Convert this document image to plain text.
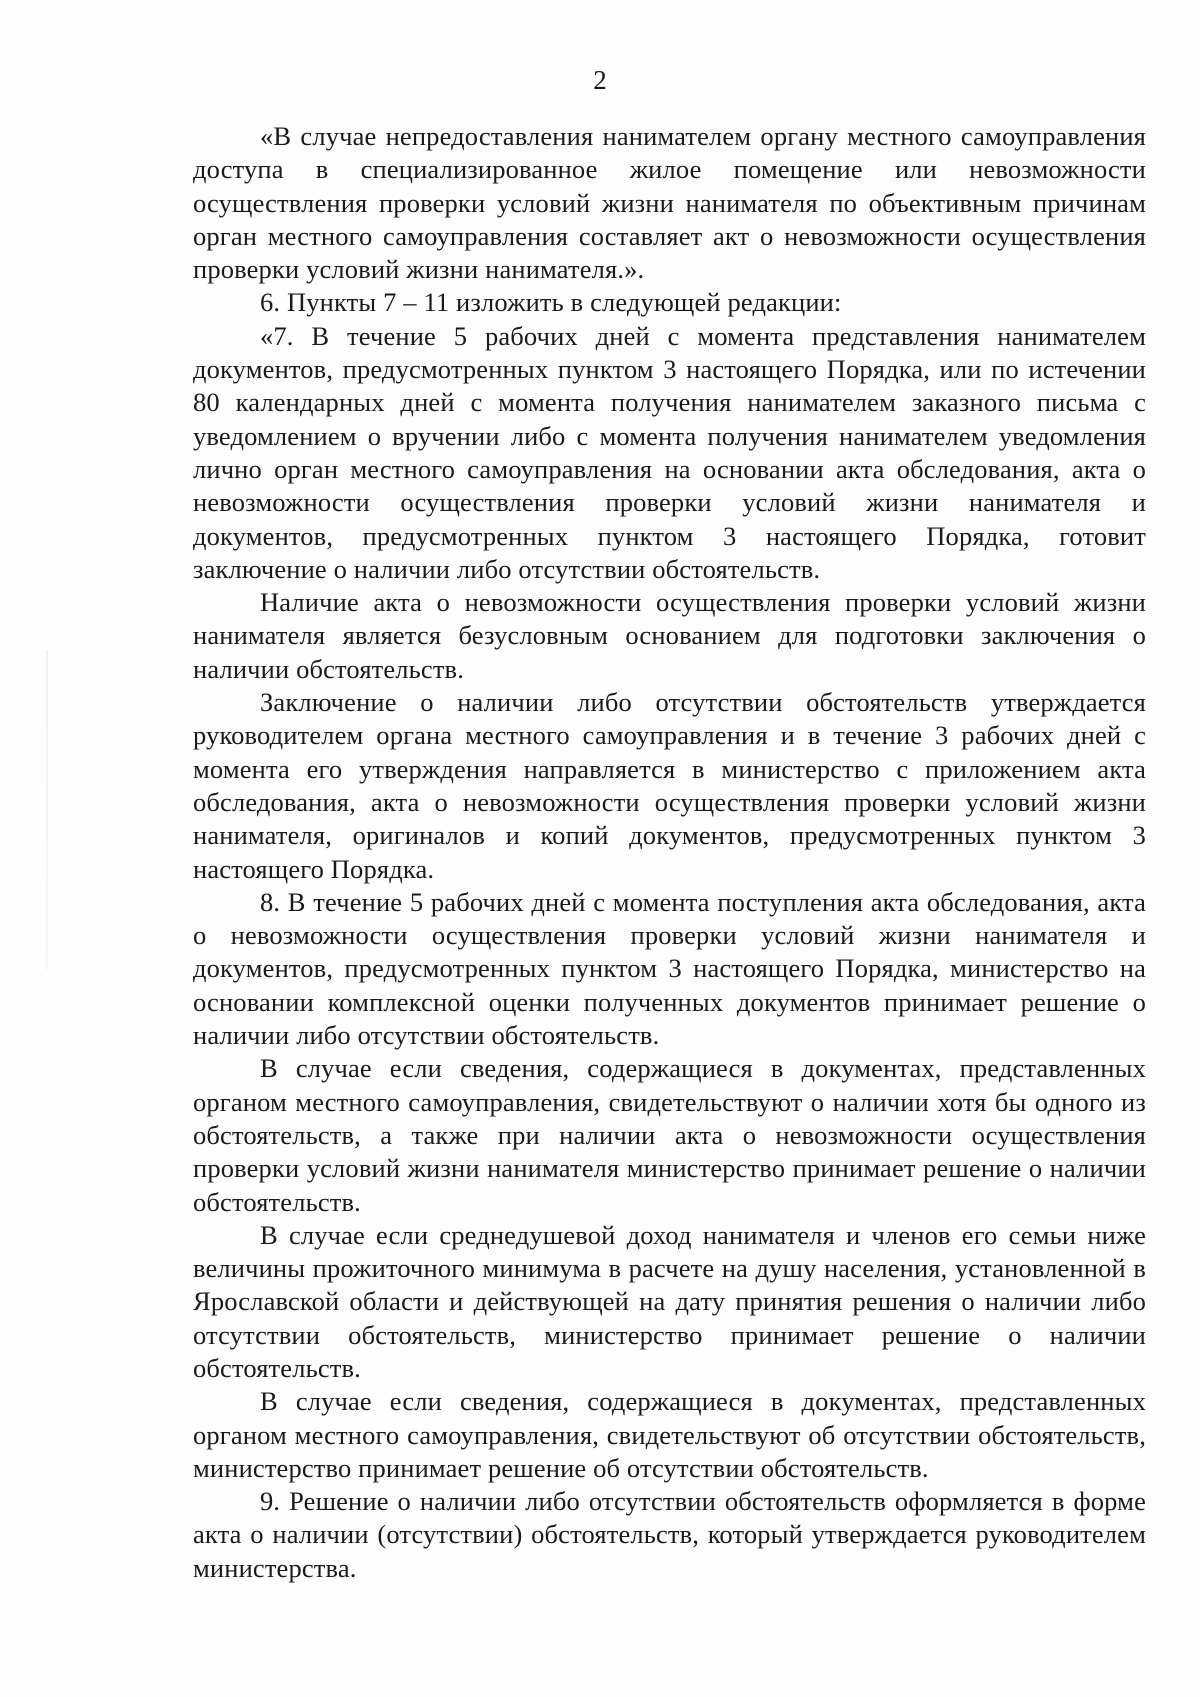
2

«В случае непредоставления нанимателем органу местного самоуправления доступа в специализированное жилое помещение или невозможности осуществления проверки условий жизни нанимателя по объективным причинам орган местного самоуправления составляет акт о невозможности осуществления проверки условий жизни нанимателя.».

6. Пункты 7 – 11 изложить в следующей редакции:

«7. В течение 5 рабочих дней с момента представления нанимателем документов, предусмотренных пунктом 3 настоящего Порядка, или по истечении 80 календарных дней с момента получения нанимателем заказного письма с уведомлением о вручении либо с момента получения нанимателем уведомления лично орган местного самоуправления на основании акта обследования, акта о невозможности осуществления проверки условий жизни нанимателя и документов, предусмотренных пунктом 3 настоящего Порядка, готовит заключение о наличии либо отсутствии обстоятельств.

Наличие акта о невозможности осуществления проверки условий жизни нанимателя является безусловным основанием для подготовки заключения о наличии обстоятельств.

Заключение о наличии либо отсутствии обстоятельств утверждается руководителем органа местного самоуправления и в течение 3 рабочих дней с момента его утверждения направляется в министерство с приложением акта обследования, акта о невозможности осуществления проверки условий жизни нанимателя, оригиналов и копий документов, предусмотренных пунктом 3 настоящего Порядка.

8. В течение 5 рабочих дней с момента поступления акта обследования, акта о невозможности осуществления проверки условий жизни нанимателя и документов, предусмотренных пунктом 3 настоящего Порядка, министерство на основании комплексной оценки полученных документов принимает решение о наличии либо отсутствии обстоятельств.

В случае если сведения, содержащиеся в документах, представленных органом местного самоуправления, свидетельствуют о наличии хотя бы одного из обстоятельств, а также при наличии акта о невозможности осуществления проверки условий жизни нанимателя министерство принимает решение о наличии обстоятельств.

В случае если среднедушевой доход нанимателя и членов его семьи ниже величины прожиточного минимума в расчете на душу населения, установленной в Ярославской области и действующей на дату принятия решения о наличии либо отсутствии обстоятельств, министерство принимает решение о наличии обстоятельств.

В случае если сведения, содержащиеся в документах, представленных органом местного самоуправления, свидетельствуют об отсутствии обстоятельств, министерство принимает решение об отсутствии обстоятельств.

9. Решение о наличии либо отсутствии обстоятельств оформляется в форме акта о наличии (отсутствии) обстоятельств, который утверждается руководителем министерства.
